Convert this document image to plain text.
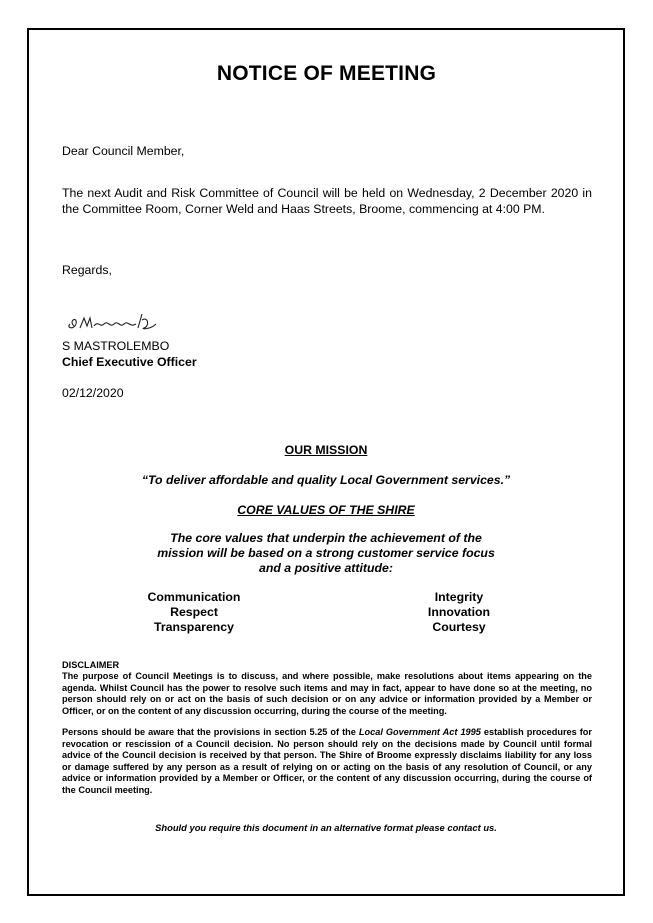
NOTICE OF MEETING
Dear Council Member,
The next Audit and Risk Committee of Council will be held on Wednesday, 2 December 2020 in the Committee Room, Corner Weld and Haas Streets, Broome, commencing at 4:00 PM.
Regards,
S MASTROLEMBO
Chief Executive Officer
02/12/2020
OUR MISSION
“To deliver affordable and quality Local Government services.”
CORE VALUES OF THE SHIRE
The core values that underpin the achievement of the mission will be based on a strong customer service focus and a positive attitude:
Communication
Respect
Transparency
Integrity
Innovation
Courtesy
DISCLAIMER
The purpose of Council Meetings is to discuss, and where possible, make resolutions about items appearing on the agenda. Whilst Council has the power to resolve such items and may in fact, appear to have done so at the meeting, no person should rely on or act on the basis of such decision or on any advice or information provided by a Member or Officer, or on the content of any discussion occurring, during the course of the meeting.
Persons should be aware that the provisions in section 5.25 of the Local Government Act 1995 establish procedures for revocation or rescission of a Council decision. No person should rely on the decisions made by Council until formal advice of the Council decision is received by that person. The Shire of Broome expressly disclaims liability for any loss or damage suffered by any person as a result of relying on or acting on the basis of any resolution of Council, or any advice or information provided by a Member or Officer, or the content of any discussion occurring, during the course of the Council meeting.
Should you require this document in an alternative format please contact us.
